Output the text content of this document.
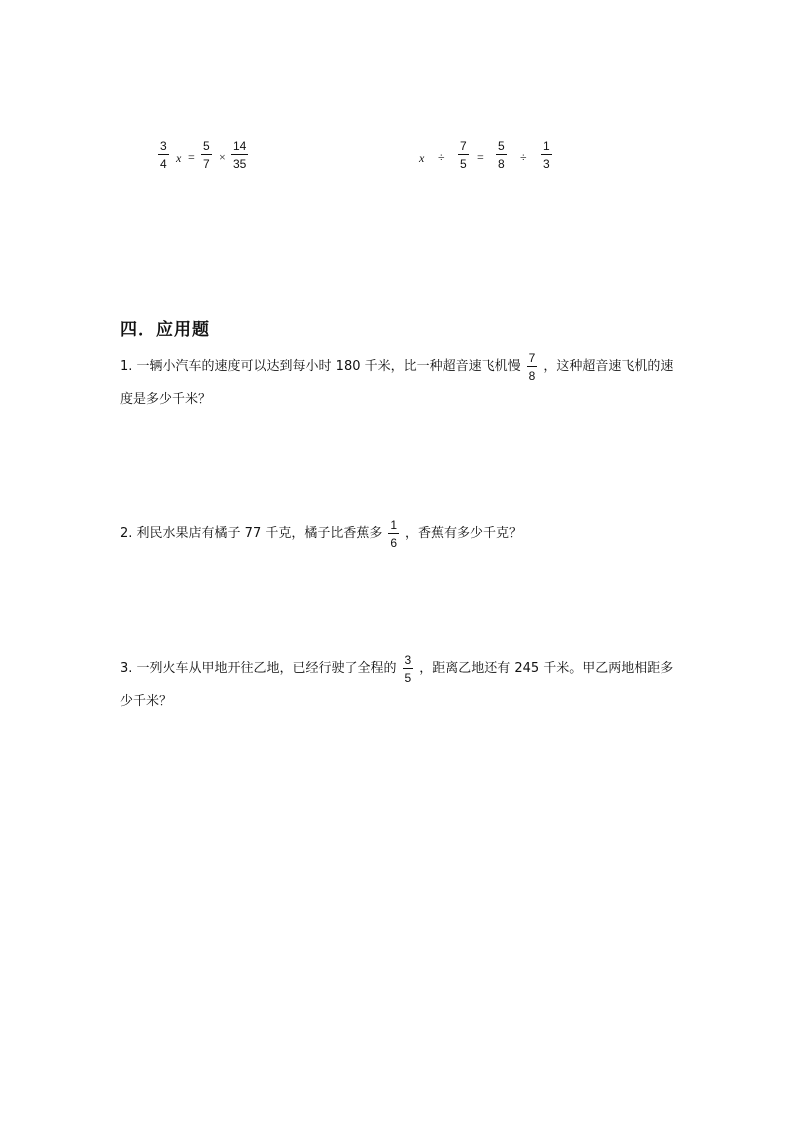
3
4 x =
5
7 ×
14
35	x ÷
7
5 =
5
8 ÷
1
3
四．应用题
1. 一辆小汽车的速度可以达到每小时 180 千米，比一种超音速飞机慢 $\frac{7}{8}$ ，这种超音速飞机的速度是多少千米？
2. 利民水果店有橘子 77 千克，橘子比香蕉多 $\frac{1}{6}$ ，香蕉有多少千克？
3. 一列火车从甲地开往乙地，已经行驶了全程的 $\frac{3}{5}$ ，距离乙地还有 245 千米。甲乙两地相距多少千米？
